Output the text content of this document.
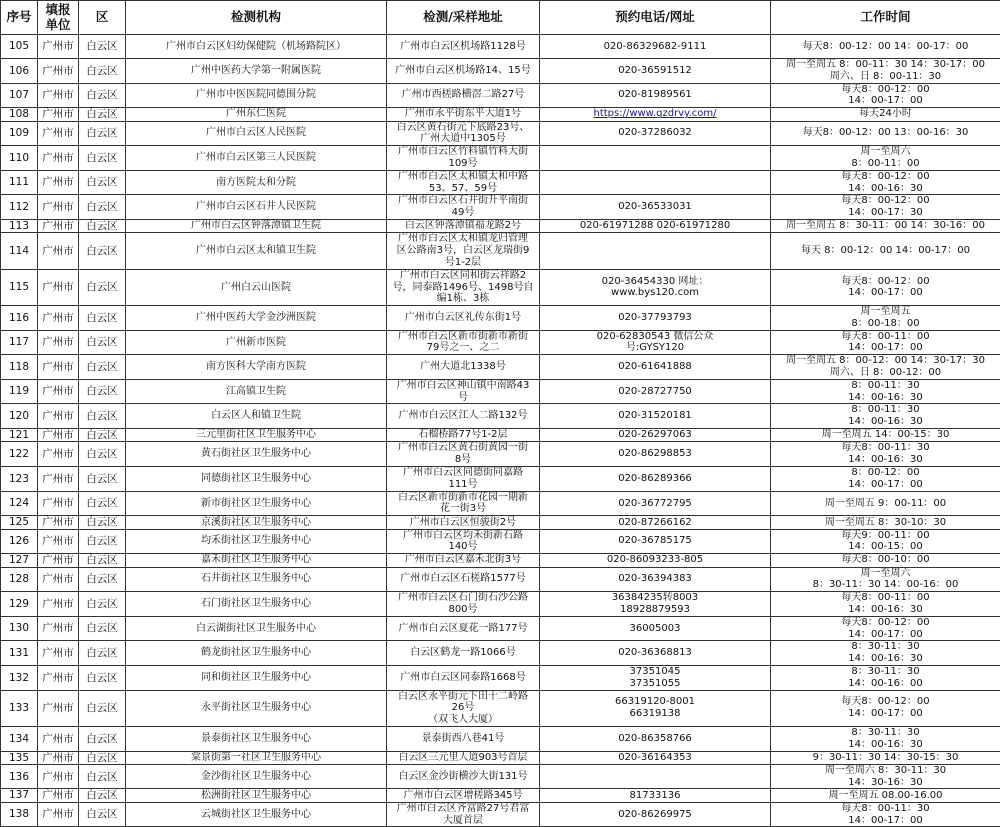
序号	填报单位	区	检测机构	检测/采样地址	预约电话/网址	工作时间
105	广州市	白云区	广州市白云区妇幼保健院（机场路院区）	广州市白云区机场路1128号	020-86329682-9111	每天8：00-12：00 14：00-17：00
106	广州市	白云区	广州中医药大学第一附属医院	广州市白云区机场路14、15号	020-36591512	周一至周五 8：00-11：30 14：30-17：00
周六、日 8：00-11：30
107	广州市	白云区	广州市中医医院同德围分院	广州市西槎路横滘二路27号	020-81989561	每天8：00-12：00
14：00-17：00
108	广州市	白云区	广州东仁医院	广州市永平街东平大道1号	https://www.gzdrvy.com/	每天24小时
109	广州市	白云区	广州市白云区人民医院	白云区黄石街元下底路23号、
广州大道中1305号	020-37286032	每天8：00-12：00 13：00-16：30
110	广州市	白云区	广州市白云区第三人民医院	广州市白云区竹料镇竹料大街
109号		周一至周六
8：00-11：00
111	广州市	白云区	南方医院太和分院	广州市白云区太和镇太和中路
53、57、59号		每天8：00-12：00
14：00-16：30
112	广州市	白云区	广州市白云区石井人民医院	广州市白云区石井街升平南街
49号	020-36533031	每天8：00-12：00
14：00-17：30
113	广州市	白云区	广州市白云区钟落潭镇卫生院	白云区钟落潭镇福龙路2号	020-61971288 020-61971280	周一至周五 8：30-11：00 14：30-16：00
114	广州市	白云区	广州市白云区太和镇卫生院	广州市白云区太和镇龙归管理
区公路南3号，白云区龙瑞街9
号1-2层		每天 8：00-12：00 14：00-17：00
115	广州市	白云区	广州白云山医院	广州市白云区同和街云祥路2
号，同泰路1496号、1498号自
编1栋、3栋	020-36454330 网址：
www.bys120.com	每天8：00-12：00
14：00-17：00
116	广州市	白云区	广州中医药大学金沙洲医院	广州市白云区礼传东街1号	020-37793793	周一至周五
8：00-18：00
117	广州市	白云区	广州新市医院	广州市白云区新市街新市新街
79号之一、之二	020-62830543 微信公众
号:GYSY120	每天8：00-11：00
14：00-17：00
118	广州市	白云区	南方医科大学南方医院	广州大道北1338号	020-61641888	周一至周五 8：00-12：00 14：30-17：30
周六、日 8：00-12：00
119	广州市	白云区	江高镇卫生院	广州市白云区神山镇中南路43
号	020-28727750	8：00-11：30
14：00-16：30
120	广州市	白云区	白云区人和镇卫生院	广州市白云区江人二路132号	020-31520181	8：00-11：30
14：00-16：30
121	广州市	白云区	三元里街社区卫生服务中心	石榴桥路77号1-2层	020-26297063	周一至周五 14：00-15：30
122	广州市	白云区	黄石街社区卫生服务中心	广州市白云区黄石街黄园一街
8号	020-86298853	每天8：00-11：30
14：00-16：30
123	广州市	白云区	同德街社区卫生服务中心	广州市白云区同德街同嘉路
111号	020-86289366	8：00-12：00
14：00-17：00
124	广州市	白云区	新市街社区卫生服务中心	白云区新市街新市花园一期新
花一街3号	020-36772795	周一至周五 9：00-11：00
125	广州市	白云区	京溪街社区卫生服务中心	广州市白云区恒骏街2号	020-87266162	周一至周五 8：30-10：30
126	广州市	白云区	均禾街社区卫生服务中心	广州市白云区均禾街新石路
140号	020-36785175	每天9：00-11：00
14：00-15：00
127	广州市	白云区	嘉禾街社区卫生服务中心	广州市白云区嘉禾北街3号	020-86093233-805	每天8：00-10：00
128	广州市	白云区	石井街社区卫生服务中心	广州市白云区石槎路1577号	020-36394383	周一至周六
8：30-11：30 14：00-16：00
129	广州市	白云区	石门街社区卫生服务中心	广州市白云区石门街石沙公路
800号	36384235转8003
18928879593	每天8：00-11：00
14：00-16：30
130	广州市	白云区	白云湖街社区卫生服务中心	广州市白云区夏花一路177号	36005003	每天8：00-12：00
14：00-17：00
131	广州市	白云区	鹤龙街社区卫生服务中心	白云区鹤龙一路1066号	020-36368813	8：30-11：30
14：00-16：30
132	广州市	白云区	同和街社区卫生服务中心	广州市白云区同泰路1668号	37351045
37351055	8：30-11：30
14：00-16：00
133	广州市	白云区	永平街社区卫生服务中心	白云区永平街元下田十二岭路
26号
（双飞人大厦）	66319120-8001
66319138	每天8：00-12：00
14：00-17：00
134	广州市	白云区	景泰街社区卫生服务中心	景泰街西八巷41号	020-86358766	8：30-11：30
14：00-16：30
135	广州市	白云区	棠景街第一社区卫生服务中心	白云区三元里人道903号首层	020-36164353	9：30-11：30 14：30-15：30
136	广州市	白云区	金沙街社区卫生服务中心	白云区金沙街横沙大街131号		周一至周六 8：30-11：30
14：30-16：30
137	广州市	白云区	松洲街社区卫生服务中心	广州市白云区增槎路345号	81733136	周一至周五 08.00-16.00
138	广州市	白云区	云城街社区卫生服务中心	广州市白云区齐富路27号君富
大厦首层	020-86269975	每天8：00-11：30
14：00-17：00
